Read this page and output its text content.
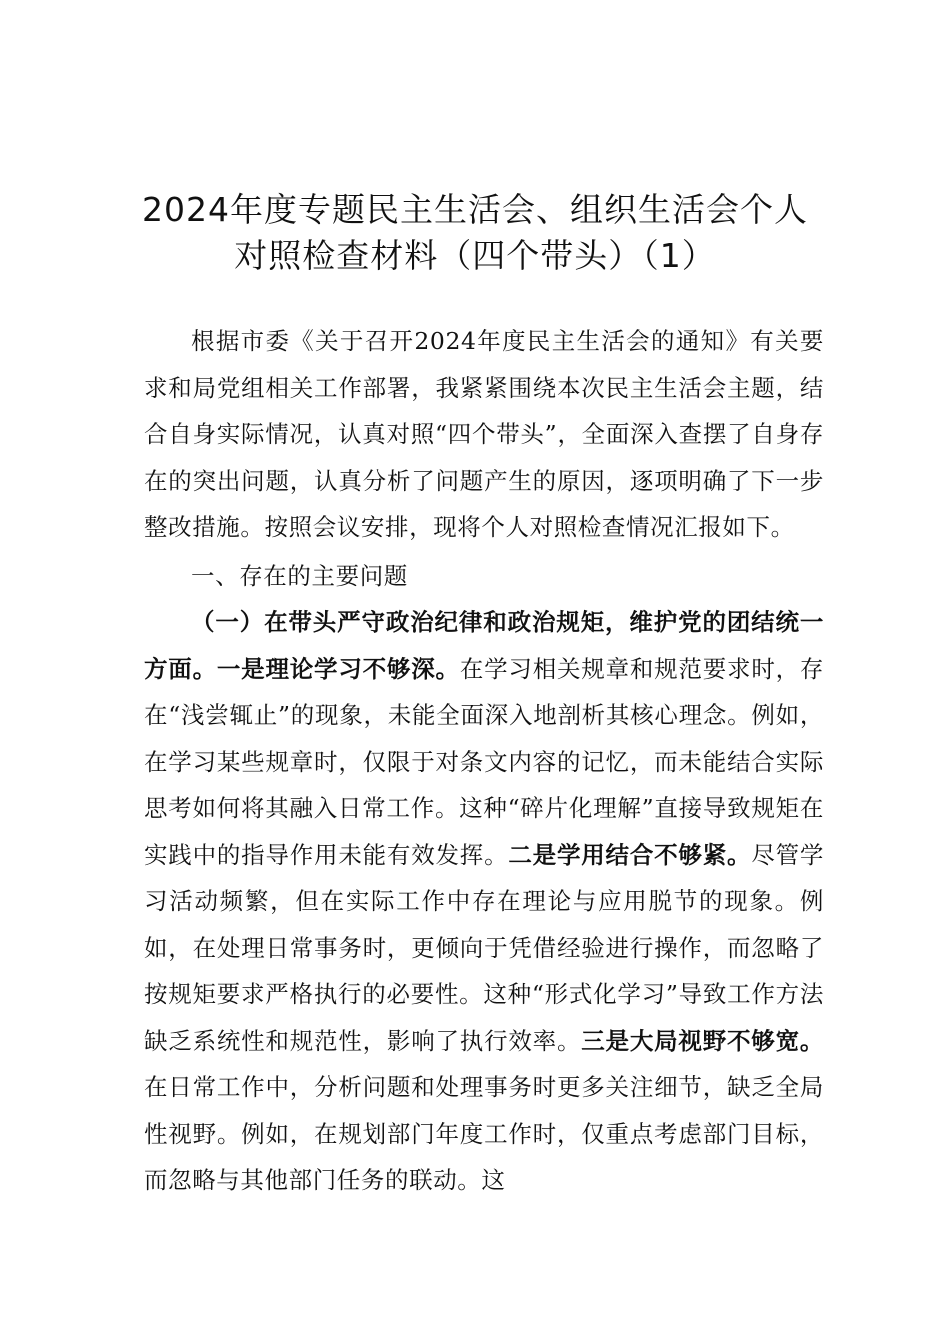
2024年度专题民主生活会、组织生活会个人
对照检查材料（四个带头）（1）

根据市委《关于召开2024年度民主生活会的通知》有关要求和局党组相关工作部署，我紧紧围绕本次民主生活会主题，结合自身实际情况，认真对照“四个带头”，全面深入查摆了自身存在的突出问题，认真分析了问题产生的原因，逐项明确了下一步整改措施。按照会议安排，现将个人对照检查情况汇报如下。

一、存在的主要问题

（一）在带头严守政治纪律和政治规矩，维护党的团结统一方面。一是理论学习不够深。在学习相关规章和规范要求时，存在“浅尝辄止”的现象，未能全面深入地剖析其核心理念。例如，在学习某些规章时，仅限于对条文内容的记忆，而未能结合实际思考如何将其融入日常工作。这种“碎片化理解”直接导致规矩在实践中的指导作用未能有效发挥。二是学用结合不够紧。尽管学习活动频繁，但在实际工作中存在理论与应用脱节的现象。例如，在处理日常事务时，更倾向于凭借经验进行操作，而忽略了按规矩要求严格执行的必要性。这种“形式化学习”导致工作方法缺乏系统性和规范性，影响了执行效率。三是大局视野不够宽。在日常工作中，分析问题和处理事务时更多关注细节，缺乏全局性视野。例如，在规划部门年度工作时，仅重点考虑部门目标，而忽略与其他部门任务的联动。这
